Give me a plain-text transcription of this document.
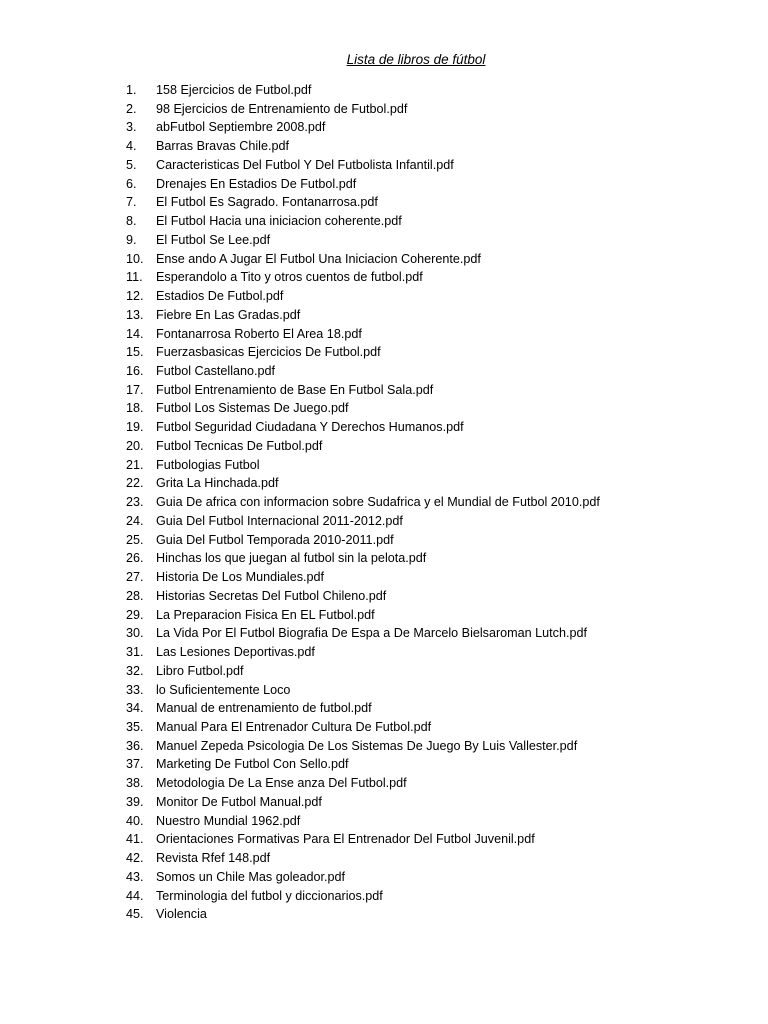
Lista de libros de fútbol
1.	158 Ejercicios de Futbol.pdf
2.	98 Ejercicios de Entrenamiento de Futbol.pdf
3.	abFutbol Septiembre 2008.pdf
4.	Barras Bravas Chile.pdf
5.	Caracteristicas Del Futbol Y Del Futbolista Infantil.pdf
6.	Drenajes En Estadios De Futbol.pdf
7.	El Futbol Es Sagrado. Fontanarrosa.pdf
8.	El Futbol Hacia una iniciacion coherente.pdf
9.	El Futbol Se Lee.pdf
10. Ense ando A Jugar El Futbol Una Iniciacion Coherente.pdf
11.	Esperandolo a Tito y otros cuentos de futbol.pdf
12. Estadios De Futbol.pdf
13. Fiebre En Las Gradas.pdf
14. Fontanarrosa Roberto El Area 18.pdf
15. Fuerzasbasicas Ejercicios De Futbol.pdf
16. Futbol Castellano.pdf
17. Futbol Entrenamiento de Base En Futbol Sala.pdf
18. Futbol Los Sistemas De Juego.pdf
19. Futbol Seguridad Ciudadana Y Derechos Humanos.pdf
20. Futbol Tecnicas De Futbol.pdf
21. Futbologias Futbol
22. Grita La Hinchada.pdf
23. Guia De africa con informacion sobre Sudafrica y el Mundial de Futbol 2010.pdf
24. Guia Del Futbol Internacional 2011-2012.pdf
25. Guia Del Futbol Temporada 2010-2011.pdf
26. Hinchas los que juegan al futbol sin la pelota.pdf
27. Historia De Los Mundiales.pdf
28. Historias Secretas Del Futbol Chileno.pdf
29. La Preparacion Fisica En EL Futbol.pdf
30. La Vida Por El Futbol Biografia De Espa a De Marcelo Bielsaroman Lutch.pdf
31. Las Lesiones Deportivas.pdf
32. Libro Futbol.pdf
33. lo Suficientemente Loco
34. Manual de entrenamiento de futbol.pdf
35. Manual Para El Entrenador Cultura De Futbol.pdf
36. Manuel Zepeda Psicologia De Los Sistemas De Juego By Luis Vallester.pdf
37. Marketing De Futbol Con Sello.pdf
38. Metodologia De La Ense anza Del Futbol.pdf
39. Monitor De Futbol Manual.pdf
40. Nuestro Mundial 1962.pdf
41. Orientaciones Formativas Para El Entrenador Del Futbol Juvenil.pdf
42. Revista Rfef 148.pdf
43. Somos un Chile Mas goleador.pdf
44. Terminologia del futbol y diccionarios.pdf
45. Violencia
